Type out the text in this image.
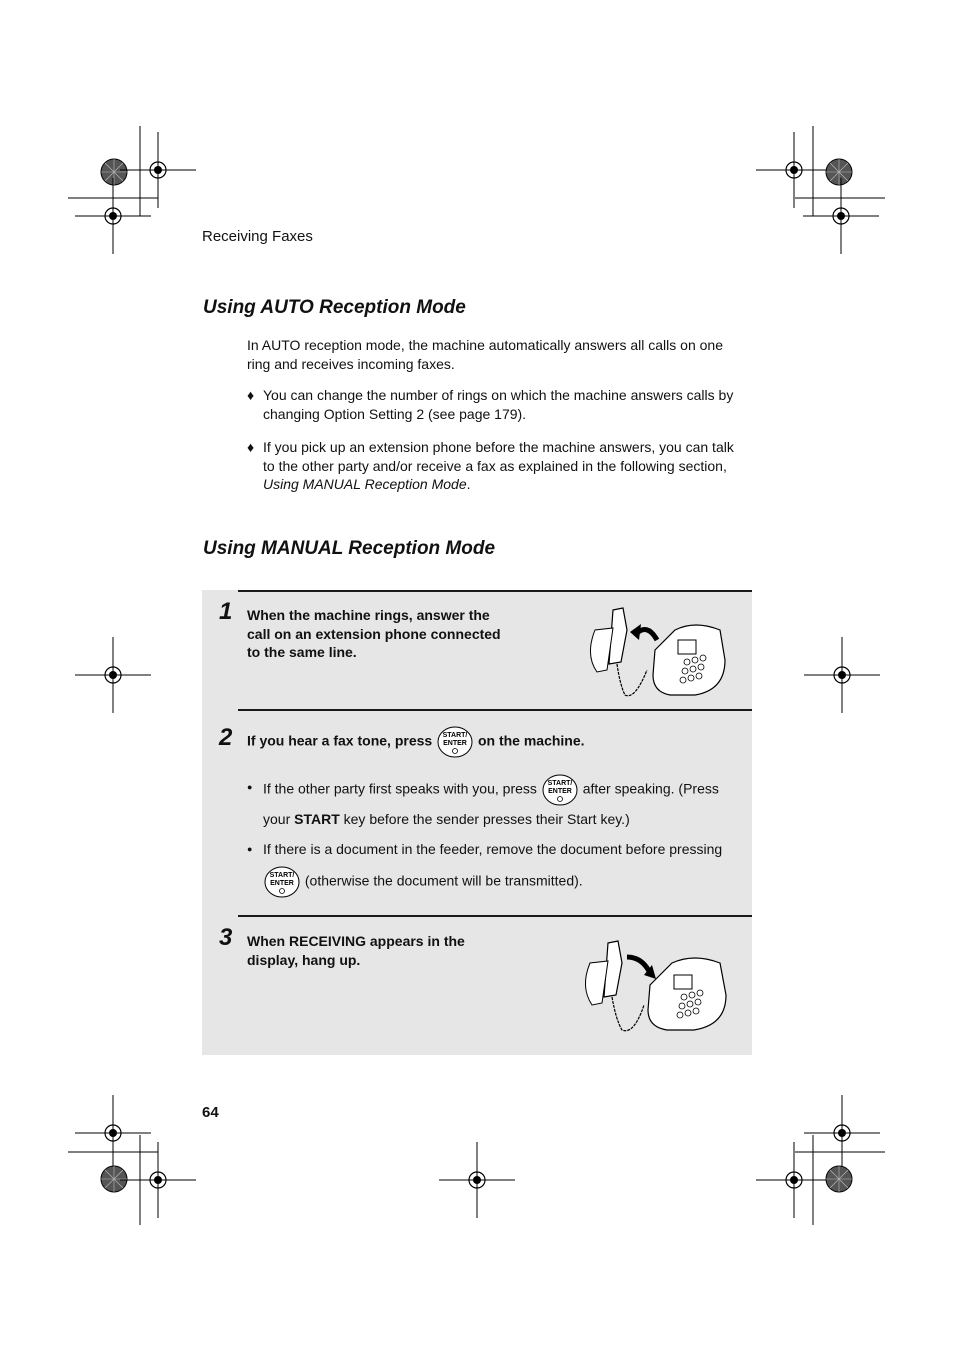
Receiving Faxes
Using AUTO Reception Mode
In AUTO reception mode, the machine automatically answers all calls on one ring and receives incoming faxes.
♦ You can change the number of rings on which the machine answers calls by changing Option Setting 2 (see page 179).
♦ If you pick up an extension phone before the machine answers, you can talk to the other party and/or receive a fax as explained in the following section, Using MANUAL Reception Mode.
Using MANUAL Reception Mode
1 When the machine rings, answer the call on an extension phone connected to the same line.
2 If you hear a fax tone, press START/
ENTER on the machine.
● If the other party first speaks with you, press START/
ENTER after speaking. (Press your START key before the sender presses their Start key.)
● If there is a document in the feeder, remove the document before pressing
START/
ENTER (otherwise the document will be transmitted).
3 When RECEIVING appears in the display, hang up.
64
